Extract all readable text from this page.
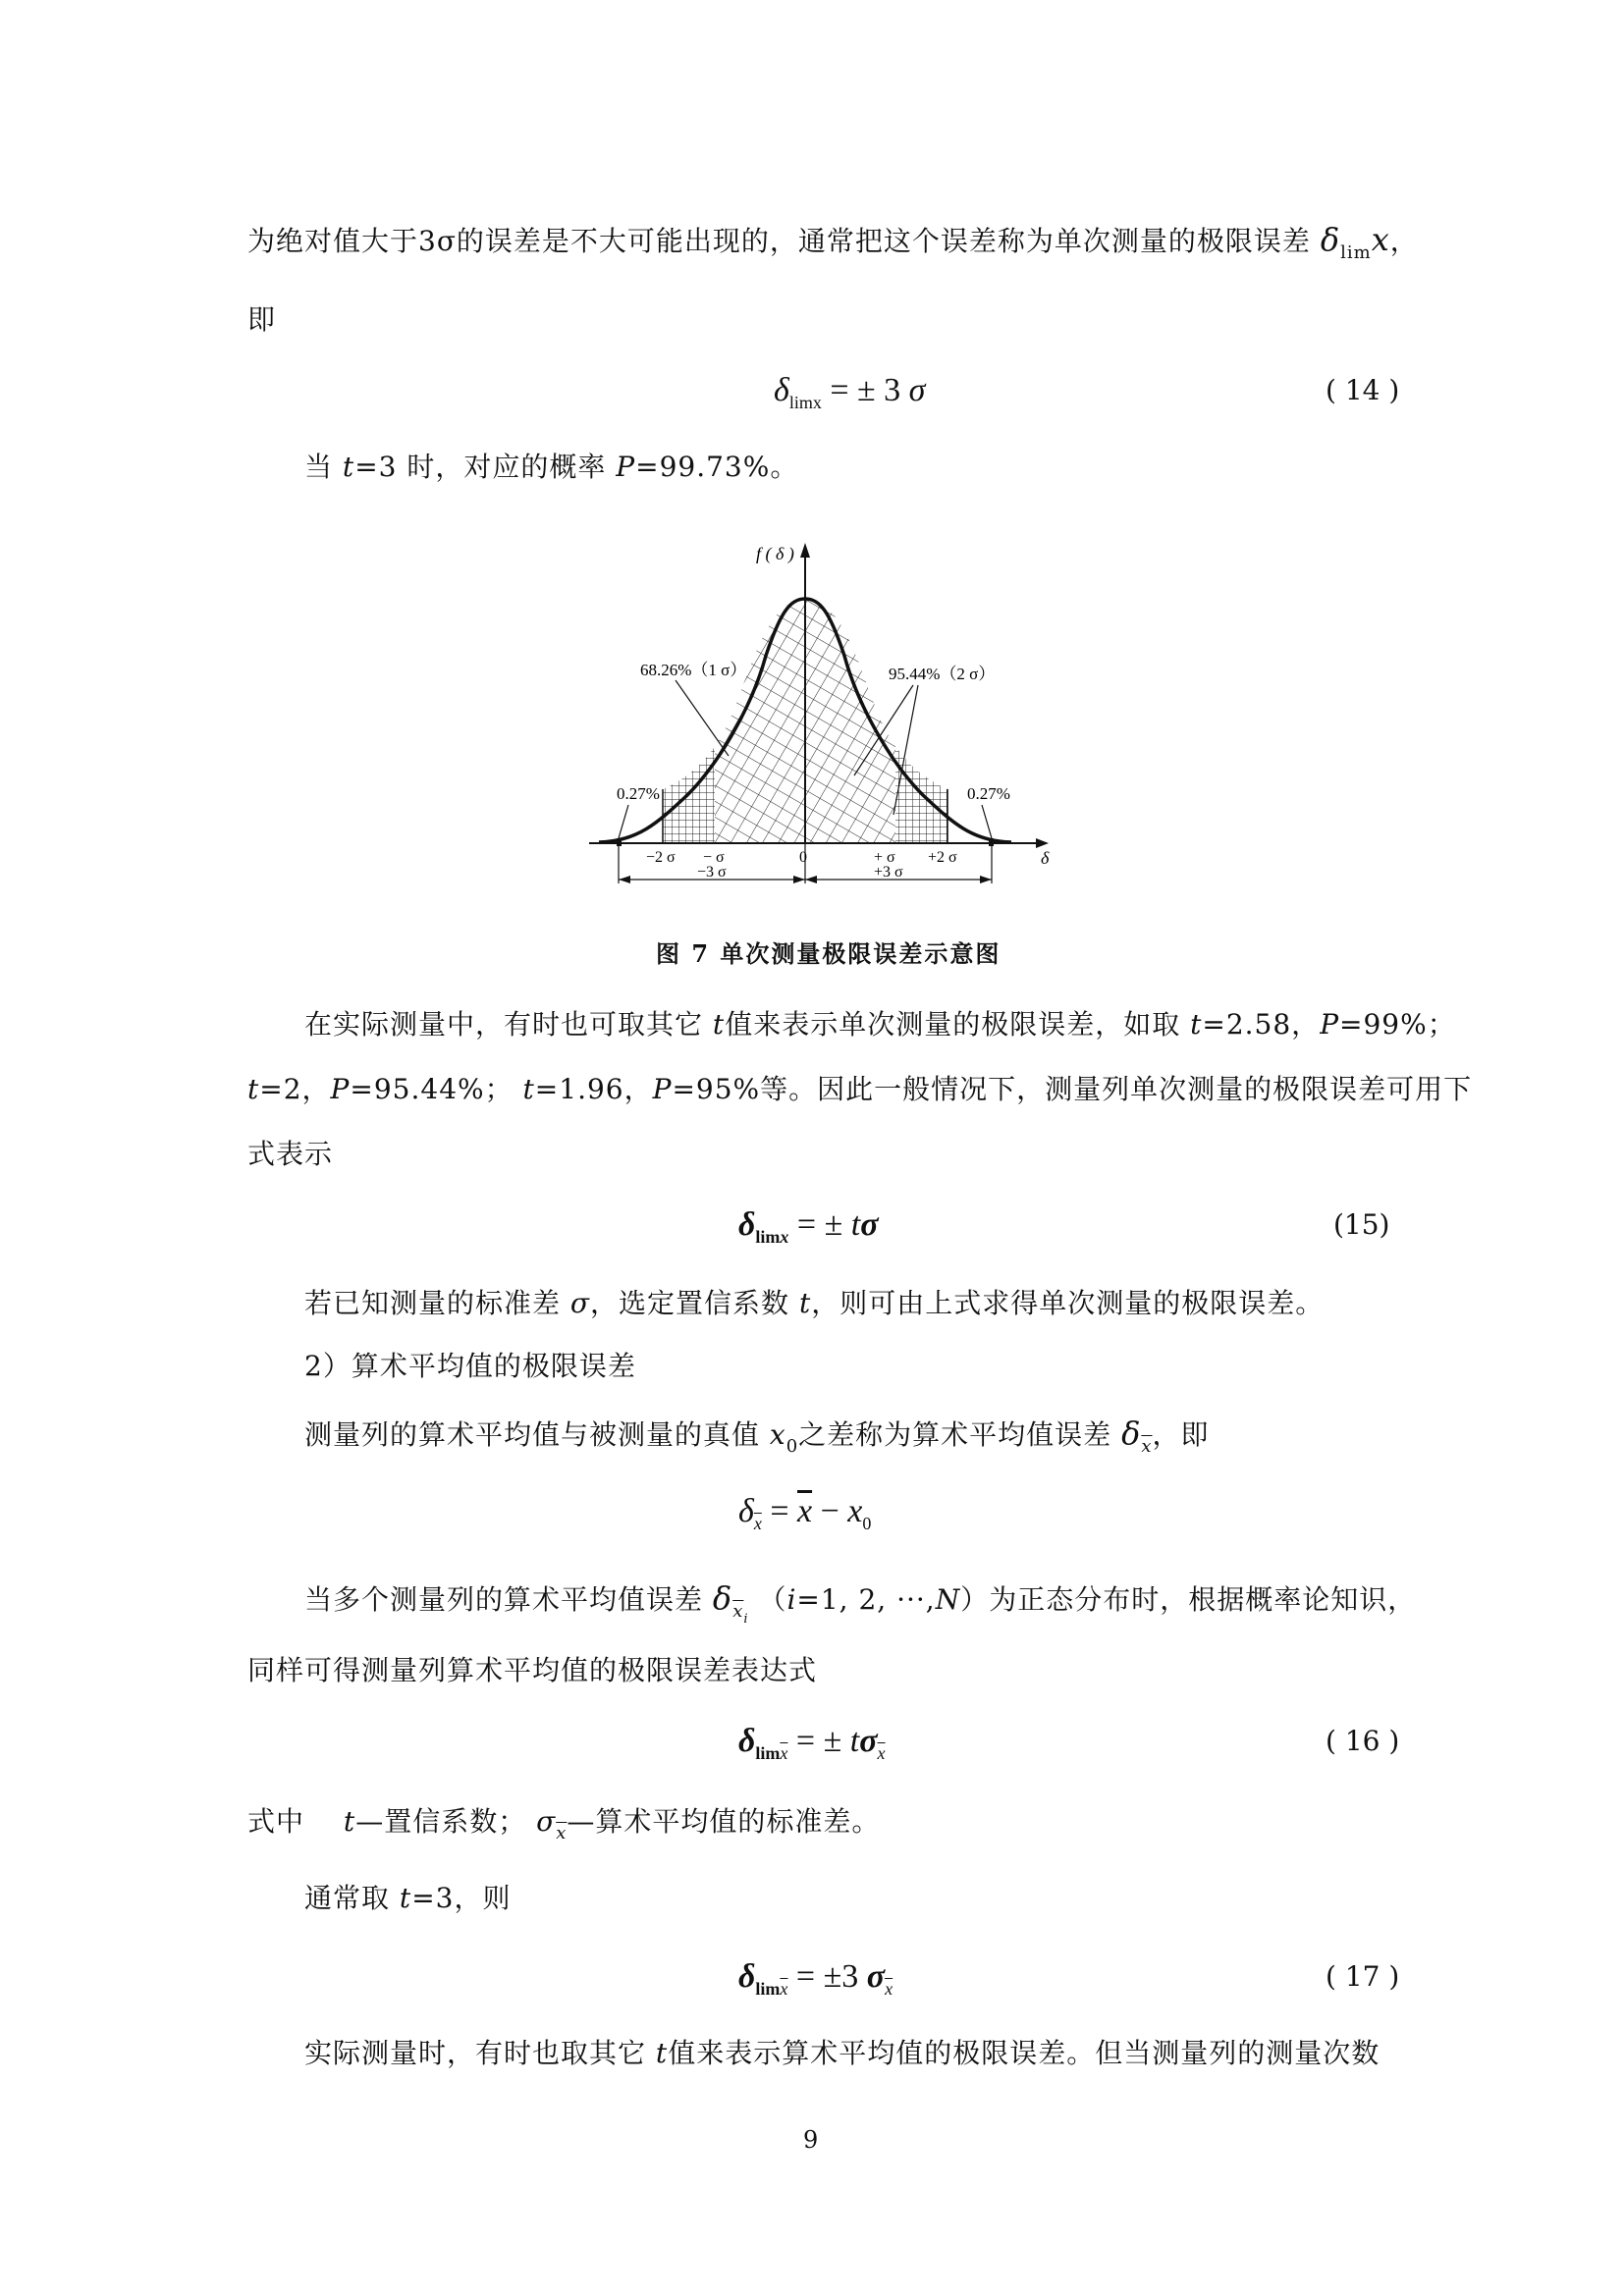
为绝对值大于3σ的误差是不大可能出现的，通常把这个误差称为单次测量的极限误差 $\delta_{lim}x$，
即
$\delta_{limx}$ = ± 3 σ	( 14 )
当 t=3 时，对应的概率 P=99.73%。
f ( δ )
δ
68.26%（1 σ）	95.44%（2 σ）
0.27%	0.27%
−2 σ − σ	0	+ σ +2 σ
−3 σ	+3 σ
图 7 单次测量极限误差示意图
在实际测量中，有时也可取其它 t值来表示单次测量的极限误差，如取 t=2.58，P=99%；
t=2，P=95.44%； t=1.96，P=95%等。因此一般情况下，测量列单次测量的极限误差可用下
式表示
$\delta_{limx}$ = ± tσ	(15)
若已知测量的标准差 σ，选定置信系数 t，则可由上式求得单次测量的极限误差。
2）算术平均值的极限误差
测量列的算术平均值与被测量的真值 $x_0$之差称为算术平均值误差 $\delta_{\overline{x}}$，即
$\delta_{\overline{x}} = \overline{x} - x_0$
当多个测量列的算术平均值误差 $\delta_{\overline{x}i}$ （i=1, 2, ···,N）为正态分布时，根据概率论知识，
同样可得测量列算术平均值的极限误差表达式
$\delta_{lim\overline{x}}$ = ± $t\sigma_{\overline{x}}$	( 16 )
式中 t—置信系数； $\sigma_{\overline{x}}—$算术平均值的标准差。
通常取 t=3，则
$\delta_{lim\overline{x}} = \pm 3$ $\sigma_{\overline{x}}$	( 17 )
实际测量时，有时也取其它 t值来表示算术平均值的极限误差。但当测量列的测量次数
9
